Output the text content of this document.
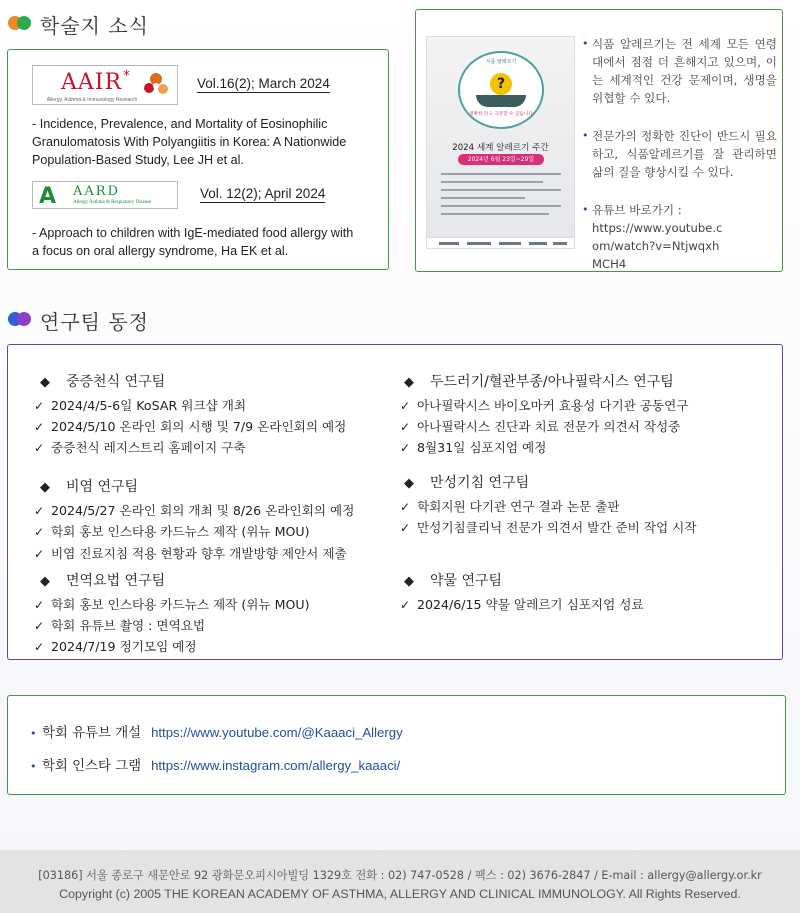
학술지 소식
AAIR *
Allergy, Asthma & Immunology Research
Vol.16(2); March 2024
- Incidence, Prevalence, and Mortality of Eosinophilic
Granulomatosis With Polyangiitis in Korea: A Nationwide
Population-Based Study, Lee JH et al.
A AARD
Allergy Asthma & Respiratory Disease
Vol. 12(2); April 2024
- Approach to children with IgE-mediated food allergy with
a focus on oral allergy syndrome, Ha EK et al.
식품 알레르기
?
정확한 알고 극복할 수 있습니다
2024 세계 알레르기 주간
2024년 6월 23일~29일
• 식품 알레르기는 전 세계 모든 연령대에서 점점 더 흔해지고 있으며, 이는 세계적인 건강 문제이며, 생명을 위협할 수 있다.
• 전문가의 정확한 진단이 반드시 필요하고, 식품알레르기를 잘 관리하면 삶의 질을 향상시킬 수 있다.
• 유튜브 바로가기 :
https://www.youtube.com/watch?v=NtjwqxhMCH4
연구팀 동정
◆ 중증천식 연구팀
✓ 2024/4/5-6일 KoSAR 워크샵 개최
✓ 2024/5/10 온라인 회의 시행 및 7/9 온라인회의 예정
✓ 중증천식 레지스트리 홈페이지 구축
◆ 두드러기/혈관부종/아나필락시스 연구팀
✓ 아나필락시스 바이오마커 효용성 다기관 공동연구
✓ 아나필락시스 진단과 치료 전문가 의견서 작성중
✓ 8월31일 심포지엄 예정
◆ 비염 연구팀
✓ 2024/5/27 온라인 회의 개최 및 8/26 온라인회의 예정
✓ 학회 홍보 인스타용 카드뉴스 제작 (위뉴 MOU)
✓ 비염 진료지침 적용 현황과 향후 개발방향 제안서 제출
◆ 만성기침 연구팀
✓ 학회지원 다기관 연구 결과 논문 출판
✓ 만성기침클리닉 전문가 의견서 발간 준비 작업 시작
◆ 면역요법 연구팀
✓ 학회 홍보 인스타용 카드뉴스 제작 (위뉴 MOU)
✓ 학회 유튜브 촬영 : 면역요법
✓ 2024/7/19 정기모임 예정
◆ 약물 연구팀
✓ 2024/6/15 약물 알레르기 심포지엄 성료
• 학회 유튜브 개설 https://www.youtube.com/@Kaaaci_Allergy
• 학회 인스타 그램 https://www.instagram.com/allergy_kaaaci/
[03186] 서울 종로구 새문안로 92 광화문오피시아빌딩 1329호 전화 : 02) 747-0528 / 팩스 : 02) 3676-2847 / E-mail : allergy@allergy.or.kr
Copyright (c) 2005 THE KOREAN ACADEMY OF ASTHMA, ALLERGY AND CLINICAL IMMUNOLOGY. All Rights Reserved.
